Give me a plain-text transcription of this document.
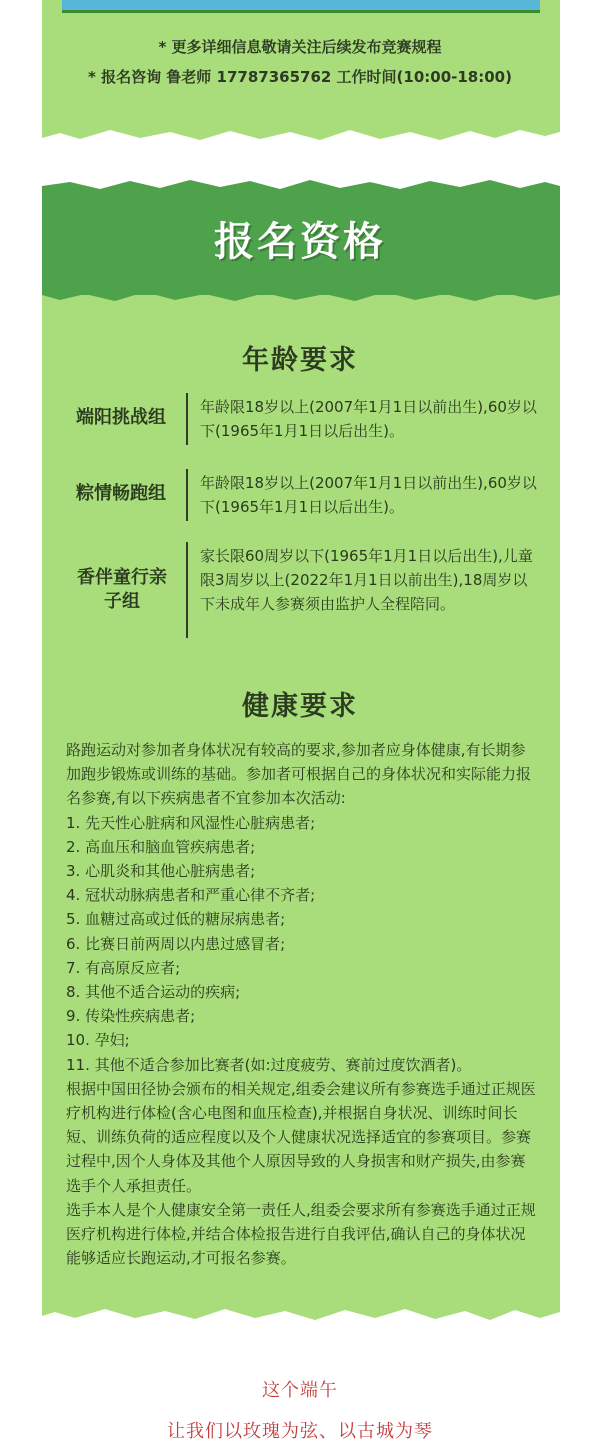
* 更多详细信息敬请关注后续发布竞赛规程
* 报名咨询 鲁老师 17787365762 工作时间(10:00-18:00)
报名资格
年龄要求
端阳挑战组	年龄限18岁以上(2007年1月1日以前出生),60岁以下(1965年1月1日以后出生)。
粽情畅跑组	年龄限18岁以上(2007年1月1日以前出生),60岁以下(1965年1月1日以后出生)。
香伴童行亲子组
家长限60周岁以下(1965年1月1日以后出生),儿童限3周岁以上(2022年1月1日以前出生),18周岁以下未成年人参赛须由监护人全程陪同。
健康要求

路跑运动对参加者身体状况有较高的要求,参加者应身体健康,有长期参加跑步锻炼或训练的基础。参加者可根据自己的身体状况和实际能力报名参赛,有以下疾病患者不宜参加本次活动:

1. 先天性心脏病和风湿性心脏病患者;

2. 高血压和脑血管疾病患者;

3. 心肌炎和其他心脏病患者;

4. 冠状动脉病患者和严重心律不齐者;

5. 血糖过高或过低的糖尿病患者;

6. 比赛日前两周以内患过感冒者;

7. 有高原反应者;

8. 其他不适合运动的疾病;

9. 传染性疾病患者;

10. 孕妇;

11. 其他不适合参加比赛者(如:过度疲劳、赛前过度饮酒者)。

根据中国田径协会颁布的相关规定,组委会建议所有参赛选手通过正规医疗机构进行体检(含心电图和血压检查),并根据自身状况、训练时间长短、训练负荷的适应程度以及个人健康状况选择适宜的参赛项目。参赛过程中,因个人身体及其他个人原因导致的人身损害和财产损失,由参赛选手个人承担责任。

选手本人是个人健康安全第一责任人,组委会要求所有参赛选手通过正规医疗机构进行体检,并结合体检报告进行自我评估,确认自己的身体状况能够适应长跑运动,才可报名参赛。

这个端午
让我们以玫瑰为弦、以古城为琴
